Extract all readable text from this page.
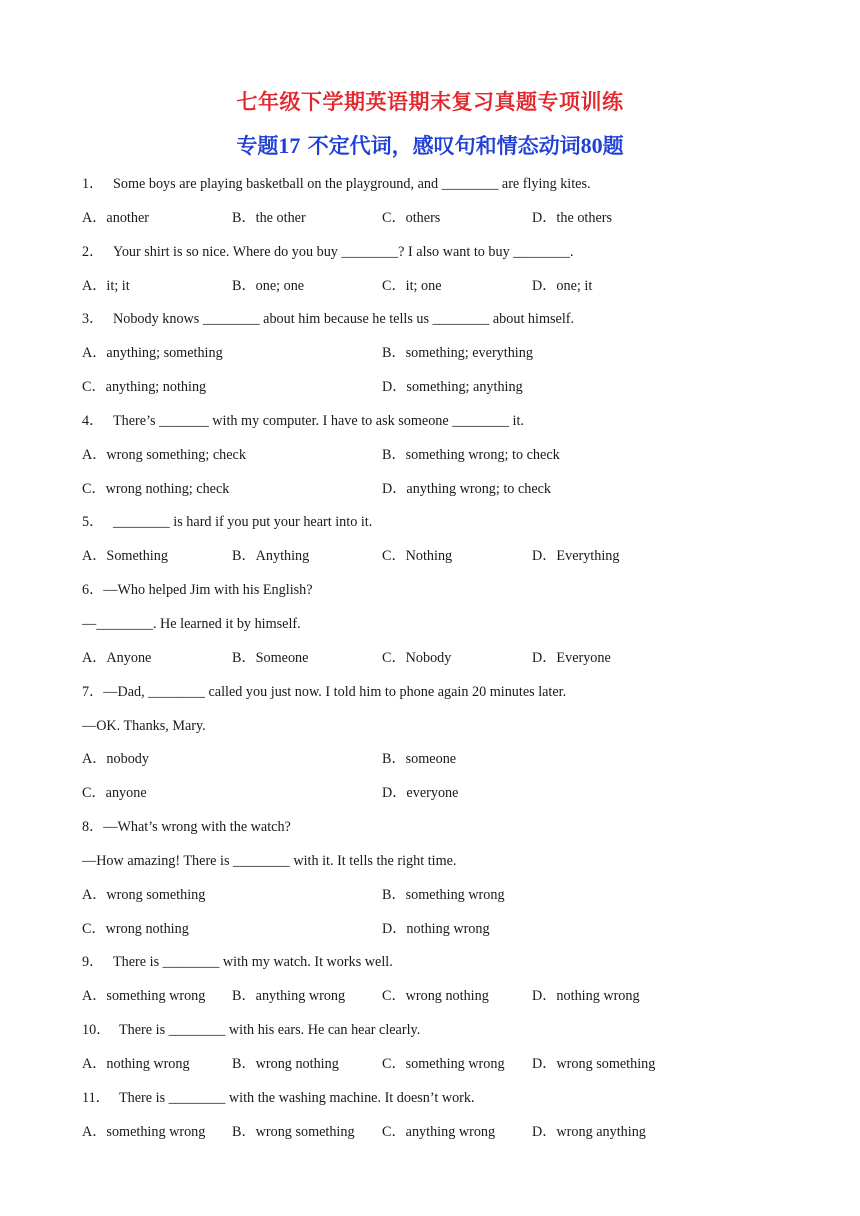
七年级下学期英语期末复习真题专项训练
专题17 不定代词，感叹句和情态动词80题
1． Some boys are playing basketball on the playground, and ________ are flying kites.
A．another	B．the other	C．others	D．the others
2． Your shirt is so nice. Where do you buy ________? I also want to buy ________.
A．it; it	B．one; one	C．it; one	D．one; it
3． Nobody knows ________ about him because he tells us ________ about himself.
A．anything; something	B．something; everything
C．anything; nothing	D．something; anything
4． There’s _______ with my computer. I have to ask someone ________ it.
A．wrong something; check	B．something wrong; to check
C．wrong nothing; check	D．anything wrong; to check
5． ________ is hard if you put your heart into it.
A．Something	B．Anything	C．Nothing	D．Everything
6． —Who helped Jim with his English?
—________. He learned it by himself.
A．Anyone	B．Someone	C．Nobody	D．Everyone
7． —Dad, ________ called you just now. I told him to phone again 20 minutes later.
—OK. Thanks, Mary.
A．nobody	B．someone
C．anyone	D．everyone
8． —What’s wrong with the watch?
—How amazing! There is ________ with it. It tells the right time.
A．wrong something	B．something wrong
C．wrong nothing	D．nothing wrong
9． There is ________ with my watch. It works well.
A．something wrong	B．anything wrong	C．wrong nothing	D．nothing wrong
10． There is ________ with his ears. He can hear clearly.
A．nothing wrong	B．wrong nothing	C．something wrong	D．wrong something
11． There is ________ with the washing machine. It doesn’t work.
A．something wrong	B．wrong something	C．anything wrong	D．wrong anything
